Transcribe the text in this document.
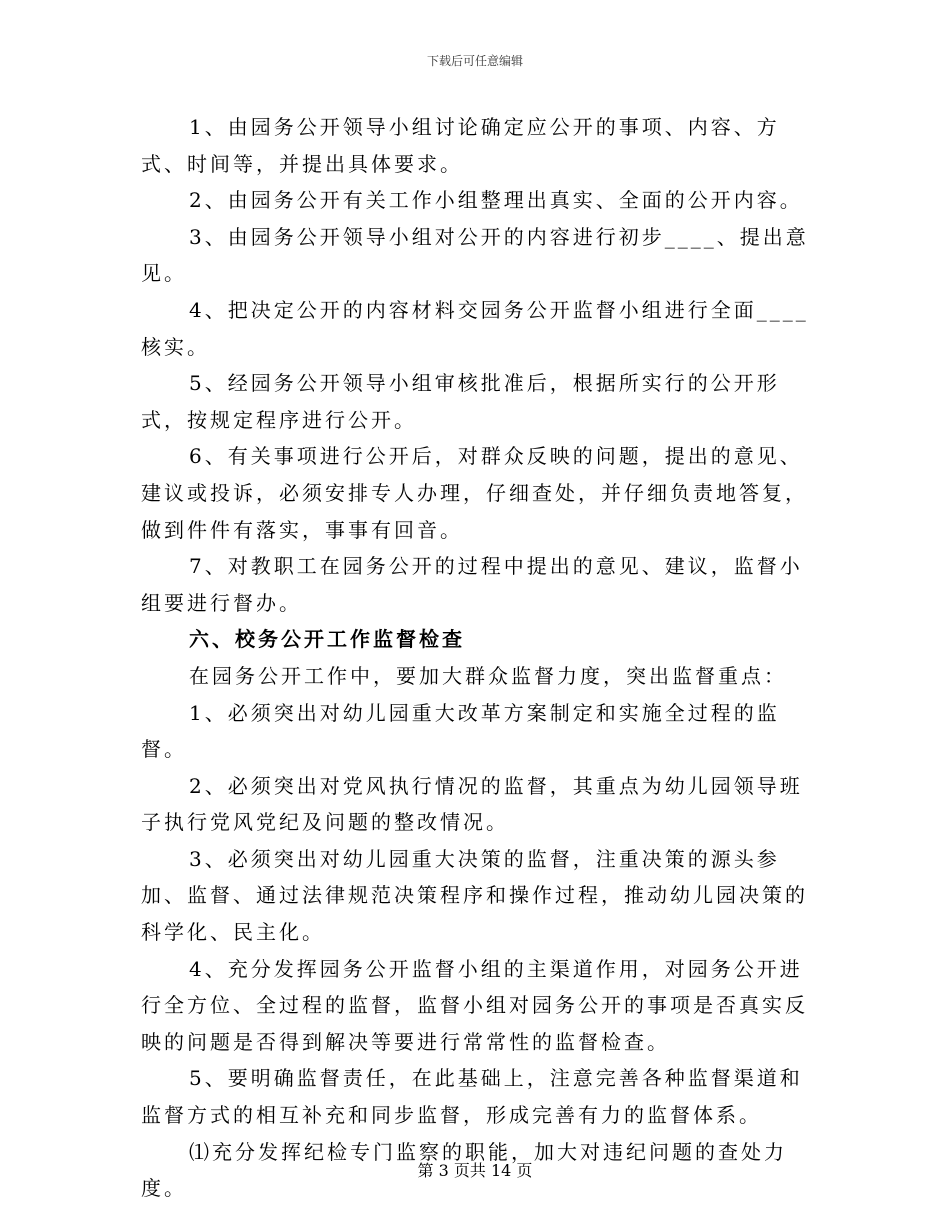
下载后可任意编辑

1、由园务公开领导小组讨论确定应公开的事项、内容、方式、时间等，并提出具体要求。

2、由园务公开有关工作小组整理出真实、全面的公开内容。

3、由园务公开领导小组对公开的内容进行初步____、提出意见。

4、把决定公开的内容材料交园务公开监督小组进行全面____核实。

5、经园务公开领导小组审核批准后，根据所实行的公开形式，按规定程序进行公开。

6、有关事项进行公开后，对群众反映的问题，提出的意见、建议或投诉，必须安排专人办理，仔细查处，并仔细负责地答复，做到件件有落实，事事有回音。

7、对教职工在园务公开的过程中提出的意见、建议，监督小组要进行督办。

六、校务公开工作监督检查

在园务公开工作中，要加大群众监督力度，突出监督重点：

1、必须突出对幼儿园重大改革方案制定和实施全过程的监督。

2、必须突出对党风执行情况的监督，其重点为幼儿园领导班子执行党风党纪及问题的整改情况。

3、必须突出对幼儿园重大决策的监督，注重决策的源头参加、监督、通过法律规范决策程序和操作过程，推动幼儿园决策的科学化、民主化。

4、充分发挥园务公开监督小组的主渠道作用，对园务公开进行全方位、全过程的监督，监督小组对园务公开的事项是否真实反映的问题是否得到解决等要进行常常性的监督检查。

5、要明确监督责任，在此基础上，注意完善各种监督渠道和监督方式的相互补充和同步监督，形成完善有力的监督体系。

⑴充分发挥纪检专门监察的职能，加大对违纪问题的查处力度。

第 3 页共 14 页
